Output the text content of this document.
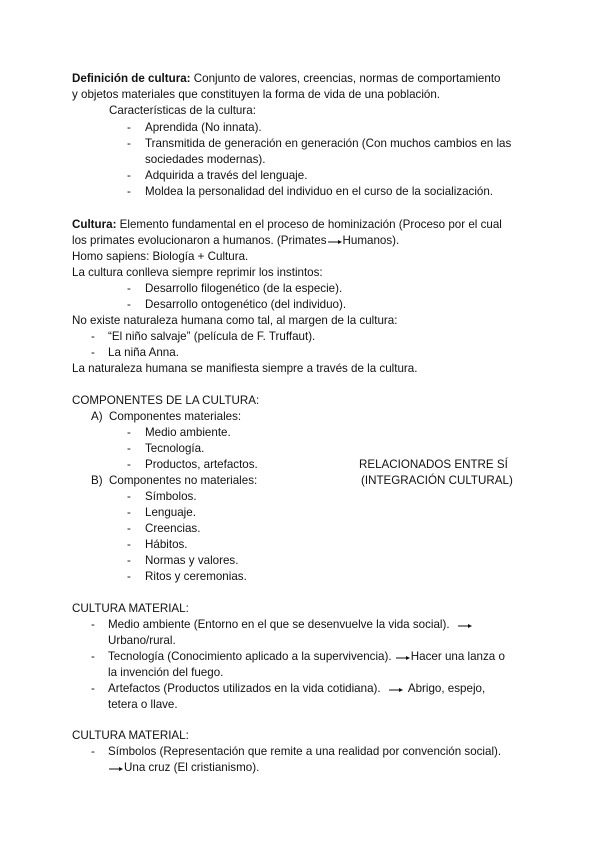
Definición de cultura: Conjunto de valores, creencias, normas de comportamiento
y objetos materiales que constituyen la forma de vida de una población.
Características de la cultura:
- Aprendida (No innata).
- Transmitida de generación en generación (Con muchos cambios en las
sociedades modernas).
- Adquirida a través del lenguaje.
- Moldea la personalidad del individuo en el curso de la socialización.
Cultura: Elemento fundamental en el proceso de hominización (Proceso por el cual
los primates evolucionaron a humanos. (Primates Humanos).
Homo sapiens: Biología + Cultura.
La cultura conlleva siempre reprimir los instintos:
- Desarrollo filogenético (de la especie).
- Desarrollo ontogenético (del individuo).
No existe naturaleza humana como tal, al margen de la cultura:
- “El niño salvaje” (película de F. Truffaut).
- La niña Anna.
La naturaleza humana se manifiesta siempre a través de la cultura.
COMPONENTES DE LA CULTURA:
A) Componentes materiales:
- Medio ambiente.
- Tecnología.
- Productos, artefactos.	RELACIONADOS ENTRE SÍ
B) Componentes no materiales:	(INTEGRACIÓN CULTURAL)
- Símbolos.
- Lenguaje.
- Creencias.
- Hábitos.
- Normas y valores.
- Ritos y ceremonias.
CULTURA MATERIAL:
- Medio ambiente (Entorno en el que se desenvuelve la vida social).
Urbano/rural.
- Tecnología (Conocimiento aplicado a la supervivencia). Hacer una lanza o
la invención del fuego.
- Artefactos (Productos utilizados en la vida cotidiana). Abrigo, espejo,
tetera o llave.
CULTURA MATERIAL:
- Símbolos (Representación que remite a una realidad por convención social).
Una cruz (El cristianismo).
